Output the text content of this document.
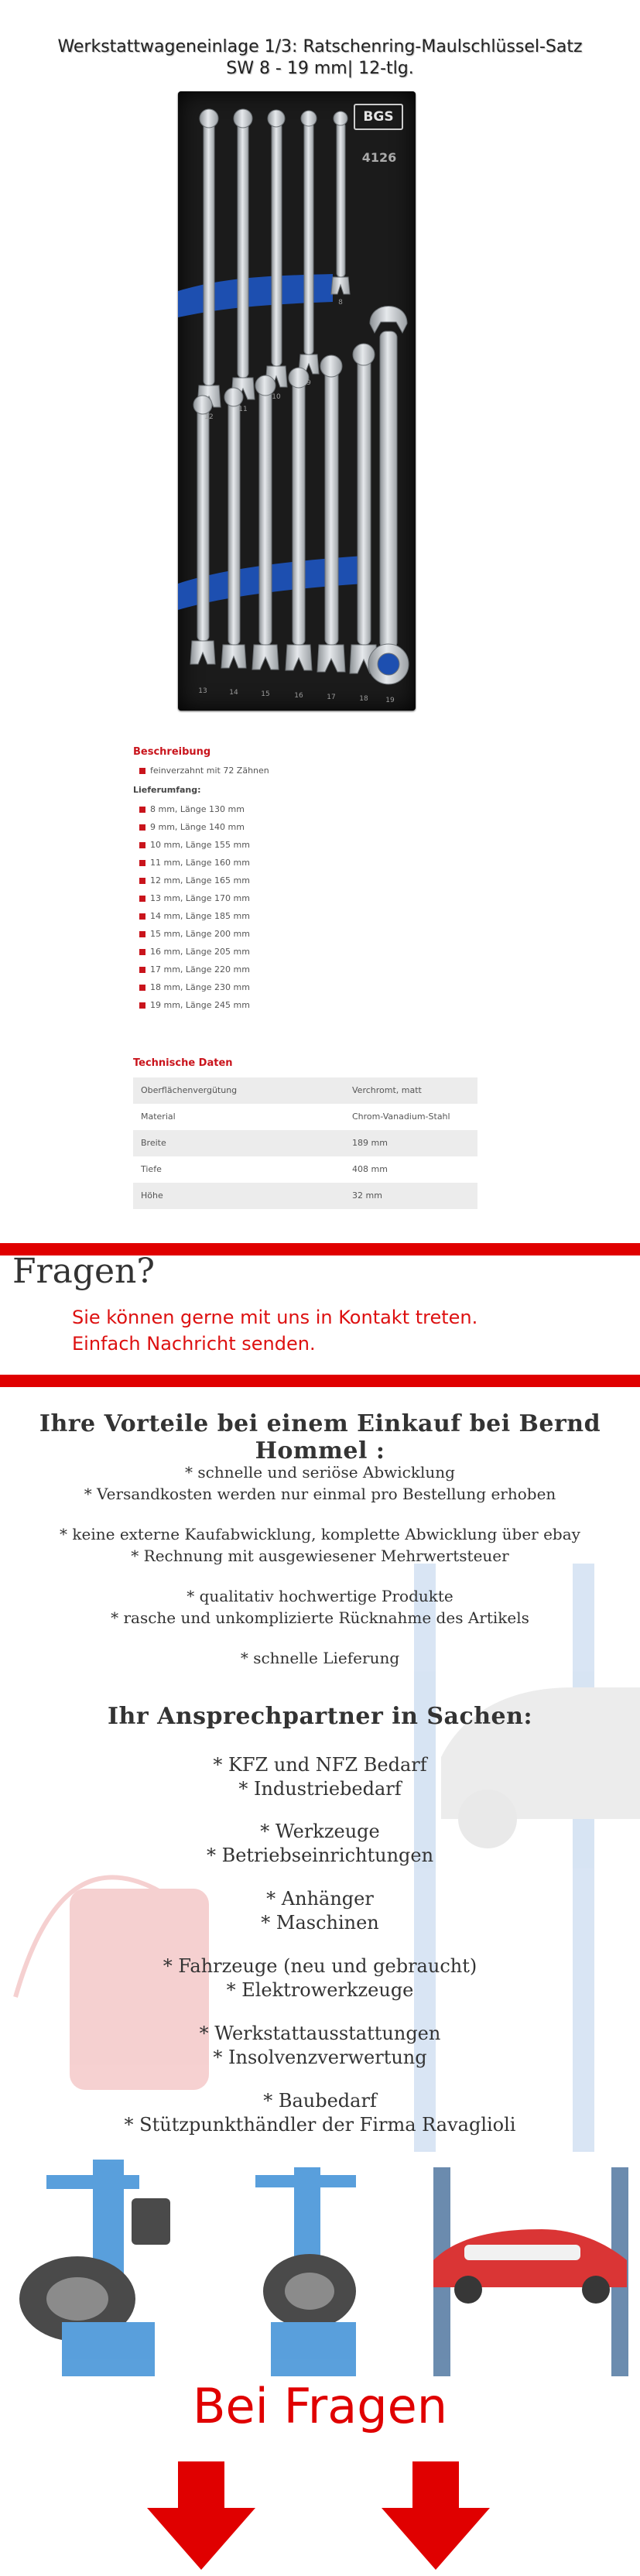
Werkstattwageneinlage 1/3: Ratschenring-Maulschlüssel-Satz
SW 8 - 19 mm| 12-tlg.
BGS
4126
12
11
10
9
8
13	14	15	16	17	18	19
Beschreibung
feinverzahnt mit 72 Zähnen
Lieferumfang:
8 mm, Länge 130 mm
9 mm, Länge 140 mm
10 mm, Länge 155 mm
11 mm, Länge 160 mm
12 mm, Länge 165 mm
13 mm, Länge 170 mm
14 mm, Länge 185 mm
15 mm, Länge 200 mm
16 mm, Länge 205 mm
17 mm, Länge 220 mm
18 mm, Länge 230 mm
19 mm, Länge 245 mm
Technische Daten
Oberflächenvergütung	Verchromt, matt
Material	Chrom-Vanadium-Stahl
Breite	189 mm
Tiefe	408 mm
Höhe	32 mm
Fragen?
Sie können gerne mit uns in Kontakt treten.
Einfach Nachricht senden.
Ihre Vorteile bei einem Einkauf bei Bernd Hommel :
* schnelle und seriöse Abwicklung
* Versandkosten werden nur einmal pro Bestellung erhoben
* keine externe Kaufabwicklung, komplette Abwicklung über ebay
* Rechnung mit ausgewiesener Mehrwertsteuer
* qualitativ hochwertige Produkte
* rasche und unkomplizierte Rücknahme des Artikels
* schnelle Lieferung
Ihr Ansprechpartner in Sachen:
* KFZ und NFZ Bedarf
* Industriebedarf
* Werkzeuge
* Betriebseinrichtungen
* Anhänger
* Maschinen
* Fahrzeuge (neu und gebraucht)
* Elektrowerkzeuge
* Werkstattausstattungen
* Insolvenzverwertung
* Baubedarf
* Stützpunkthändler der Firma Ravaglioli
Bei Fragen
